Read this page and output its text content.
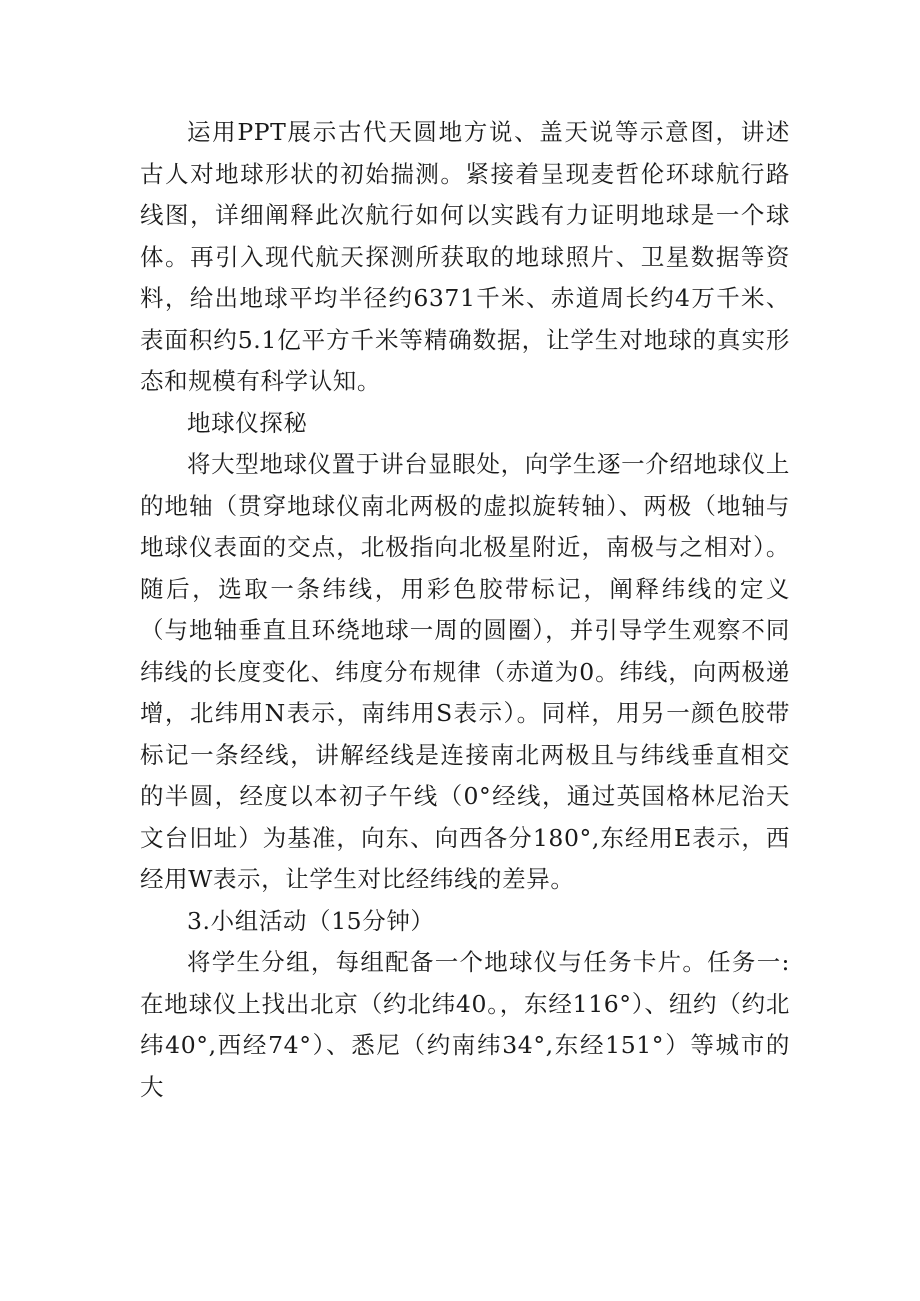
运用PPT展示古代天圆地方说、盖天说等示意图，讲述古人对地球形状的初始揣测。紧接着呈现麦哲伦环球航行路线图，详细阐释此次航行如何以实践有力证明地球是一个球体。再引入现代航天探测所获取的地球照片、卫星数据等资料，给出地球平均半径约6371千米、赤道周长约4万千米、表面积约5.1亿平方千米等精确数据，让学生对地球的真实形态和规模有科学认知。

地球仪探秘

将大型地球仪置于讲台显眼处，向学生逐一介绍地球仪上的地轴（贯穿地球仪南北两极的虚拟旋转轴）、两极（地轴与地球仪表面的交点，北极指向北极星附近，南极与之相对）。随后，选取一条纬线，用彩色胶带标记，阐释纬线的定义（与地轴垂直且环绕地球一周的圆圈），并引导学生观察不同纬线的长度变化、纬度分布规律（赤道为0。纬线，向两极递增，北纬用N表示，南纬用S表示）。同样，用另一颜色胶带标记一条经线，讲解经线是连接南北两极且与纬线垂直相交的半圆，经度以本初子午线（0°经线，通过英国格林尼治天文台旧址）为基准，向东、向西各分180°,东经用E表示，西经用W表示，让学生对比经纬线的差异。

3.小组活动（15分钟）

将学生分组，每组配备一个地球仪与任务卡片。任务一:在地球仪上找出北京（约北纬40。，东经116°）、纽约（约北纬40°,西经74°）、悉尼（约南纬34°,东经151°）等城市的大
